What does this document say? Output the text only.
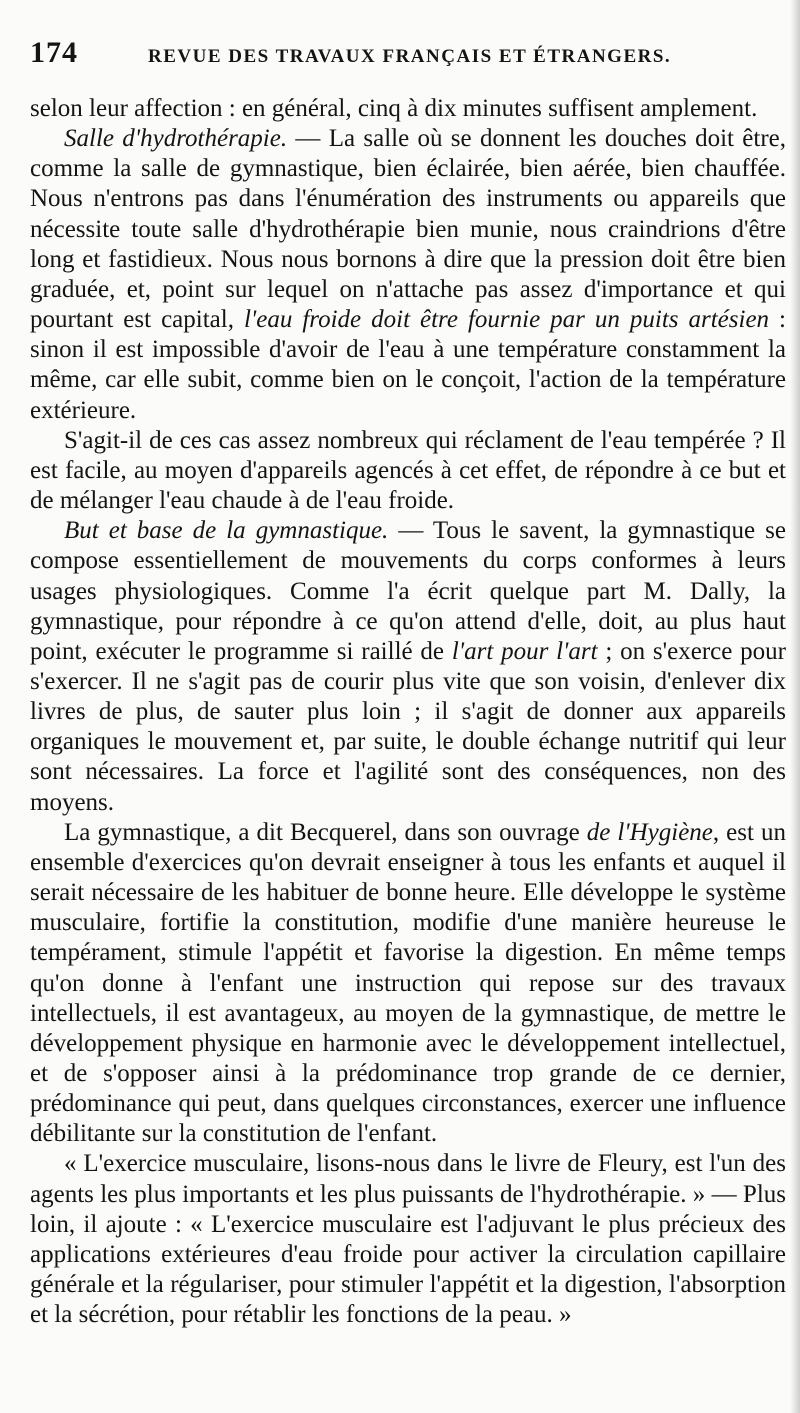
174	REVUE DES TRAVAUX FRANÇAIS ET ÉTRANGERS.

selon leur affection : en général, cinq à dix minutes suffisent amplement.

Salle d'hydrothérapie. — La salle où se donnent les douches doit être, comme la salle de gymnastique, bien éclairée, bien aérée, bien chauffée. Nous n'entrons pas dans l'énumération des instruments ou appareils que nécessite toute salle d'hydrothérapie bien munie, nous craindrions d'être long et fastidieux. Nous nous bornons à dire que la pression doit être bien graduée, et, point sur lequel on n'attache pas assez d'importance et qui pourtant est capital, l'eau froide doit être fournie par un puits artésien : sinon il est impossible d'avoir de l'eau à une température constamment la même, car elle subit, comme bien on le conçoit, l'action de la température extérieure.

S'agit-il de ces cas assez nombreux qui réclament de l'eau tempérée ? Il est facile, au moyen d'appareils agencés à cet effet, de répondre à ce but et de mélanger l'eau chaude à de l'eau froide.

But et base de la gymnastique. — Tous le savent, la gymnastique se compose essentiellement de mouvements du corps conformes à leurs usages physiologiques. Comme l'a écrit quelque part M. Dally, la gymnastique, pour répondre à ce qu'on attend d'elle, doit, au plus haut point, exécuter le programme si raillé de l'art pour l'art ; on s'exerce pour s'exercer. Il ne s'agit pas de courir plus vite que son voisin, d'enlever dix livres de plus, de sauter plus loin ; il s'agit de donner aux appareils organiques le mouvement et, par suite, le double échange nutritif qui leur sont nécessaires. La force et l'agilité sont des conséquences, non des moyens.

La gymnastique, a dit Becquerel, dans son ouvrage de l'Hygiène, est un ensemble d'exercices qu'on devrait enseigner à tous les enfants et auquel il serait nécessaire de les habituer de bonne heure. Elle développe le système musculaire, fortifie la constitution, modifie d'une manière heureuse le tempérament, stimule l'appétit et favorise la digestion. En même temps qu'on donne à l'enfant une instruction qui repose sur des travaux intellectuels, il est avantageux, au moyen de la gymnastique, de mettre le développement physique en harmonie avec le développement intellectuel, et de s'opposer ainsi à la prédominance trop grande de ce dernier, prédominance qui peut, dans quelques circonstances, exercer une influence débilitante sur la constitution de l'enfant.

« L'exercice musculaire, lisons-nous dans le livre de Fleury, est l'un des agents les plus importants et les plus puissants de l'hydrothérapie. » — Plus loin, il ajoute : « L'exercice musculaire est l'adjuvant le plus précieux des applications extérieures d'eau froide pour activer la circulation capillaire générale et la régulariser, pour stimuler l'appétit et la digestion, l'absorption et la sécrétion, pour rétablir les fonctions de la peau. »
